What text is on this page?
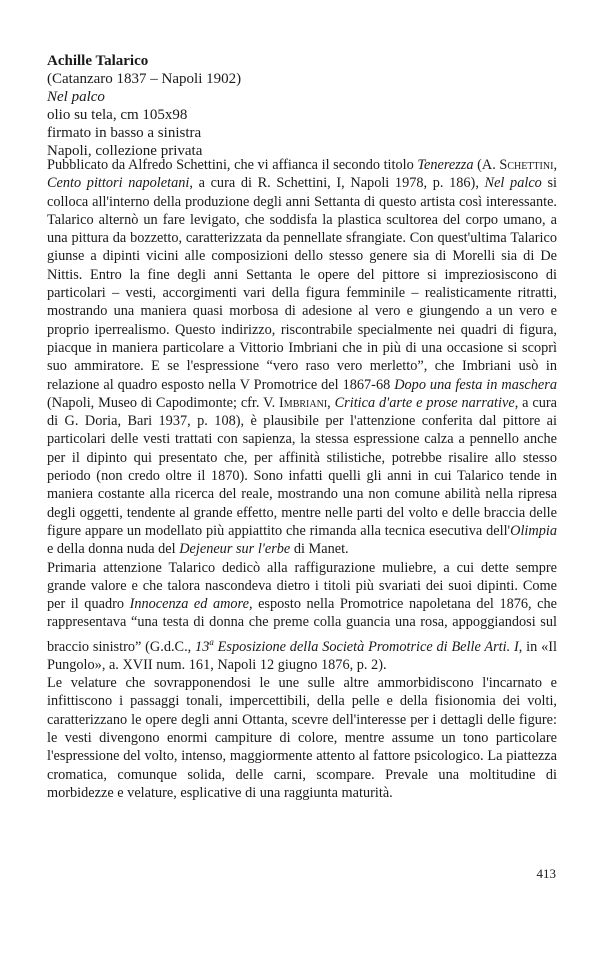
Achille Talarico
(Catanzaro 1837 – Napoli 1902)
Nel palco
olio su tela, cm 105x98
firmato in basso a sinistra
Napoli, collezione privata

Pubblicato da Alfredo Schettini, che vi affianca il secondo titolo Tenerezza (A. Schettini, Cento pittori napoletani, a cura di R. Schettini, I, Napoli 1978, p. 186), Nel palco si colloca all'interno della produzione degli anni Settanta di questo artista così interessante. Talarico alternò un fare levigato, che soddisfa la plastica scultorea del corpo umano, a una pittura da bozzetto, caratterizzata da pennellate sfrangiate. Con quest'ultima Talarico giunse a dipinti vicini alle composizioni dello stesso genere sia di Morelli sia di De Nittis. Entro la fine degli anni Settanta le opere del pittore si impreziosiscono di particolari – vesti, accorgimenti vari della figura femminile – realisticamente ritratti, mostrando una maniera quasi morbosa di adesione al vero e giungendo a un vero e proprio iperrealismo. Questo indirizzo, riscontrabile specialmente nei quadri di figura, piacque in maniera particolare a Vittorio Imbriani che in più di una occasione si scoprì suo ammiratore. E se l'espressione “vero raso vero merletto”, che Imbriani usò in relazione al quadro esposto nella V Promotrice del 1867-68 Dopo una festa in maschera (Napoli, Museo di Capodimonte; cfr. V. Imbriani, Critica d'arte e prose narrative, a cura di G. Doria, Bari 1937, p. 108), è plausibile per l'attenzione conferita dal pittore ai particolari delle vesti trattati con sapienza, la stessa espressione calza a pennello anche per il dipinto qui presentato che, per affinità stilistiche, potrebbe risalire allo stesso periodo (non credo oltre il 1870). Sono infatti quelli gli anni in cui Talarico tende in maniera costante alla ricerca del reale, mostrando una non comune abilità nella ripresa degli oggetti, tendente al grande effetto, mentre nelle parti del volto e delle braccia delle figure appare un modellato più appiattito che rimanda alla tecnica esecutiva dell'Olimpia e della donna nuda del Dejeneur sur l'erbe di Manet.

Primaria attenzione Talarico dedicò alla raffigurazione muliebre, a cui dette sempre grande valore e che talora nascondeva dietro i titoli più svariati dei suoi dipinti. Come per il quadro Innocenza ed amore, esposto nella Promotrice napoletana del 1876, che rappresentava “una testa di donna che preme colla guancia una rosa, appoggiandosi sul braccio sinistro” (G.d.C., 13$^a$ Esposizione della Società Promotrice di Belle Arti. I, in «Il Pungolo», a. XVII num. 161, Napoli 12 giugno 1876, p. 2).

Le velature che sovrapponendosi le une sulle altre ammorbidiscono l'incarnato e infittiscono i passaggi tonali, impercettibili, della pelle e della fisionomia dei volti, caratterizzano le opere degli anni Ottanta, scevre dell'interesse per i dettagli delle figure: le vesti divengono enormi campiture di colore, mentre assume un tono particolare l'espressione del volto, intenso, maggiormente attento al fattore psicologico. La piattezza cromatica, comunque solida, delle carni, scompare. Prevale una moltitudine di morbidezze e velature, esplicative di una raggiunta maturità.

413
